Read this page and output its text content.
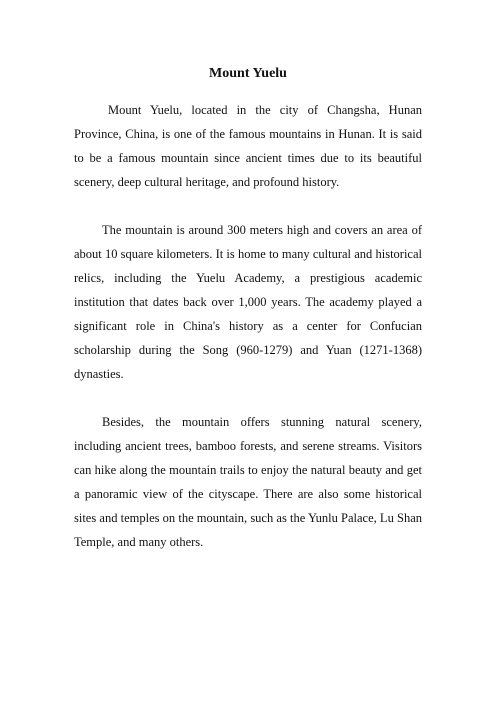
Mount Yuelu

Mount Yuelu, located in the city of Changsha, Hunan Province, China, is one of the famous mountains in Hunan. It is said to be a famous mountain since ancient times due to its beautiful scenery, deep cultural heritage, and profound history.

The mountain is around 300 meters high and covers an area of about 10 square kilometers. It is home to many cultural and historical relics, including the Yuelu Academy, a prestigious academic institution that dates back over 1,000 years. The academy played a significant role in China's history as a center for Confucian scholarship during the Song (960-1279) and Yuan (1271-1368) dynasties.

Besides, the mountain offers stunning natural scenery, including ancient trees, bamboo forests, and serene streams. Visitors can hike along the mountain trails to enjoy the natural beauty and get a panoramic view of the cityscape. There are also some historical sites and temples on the mountain, such as the Yunlu Palace, Lu Shan Temple, and many others.
